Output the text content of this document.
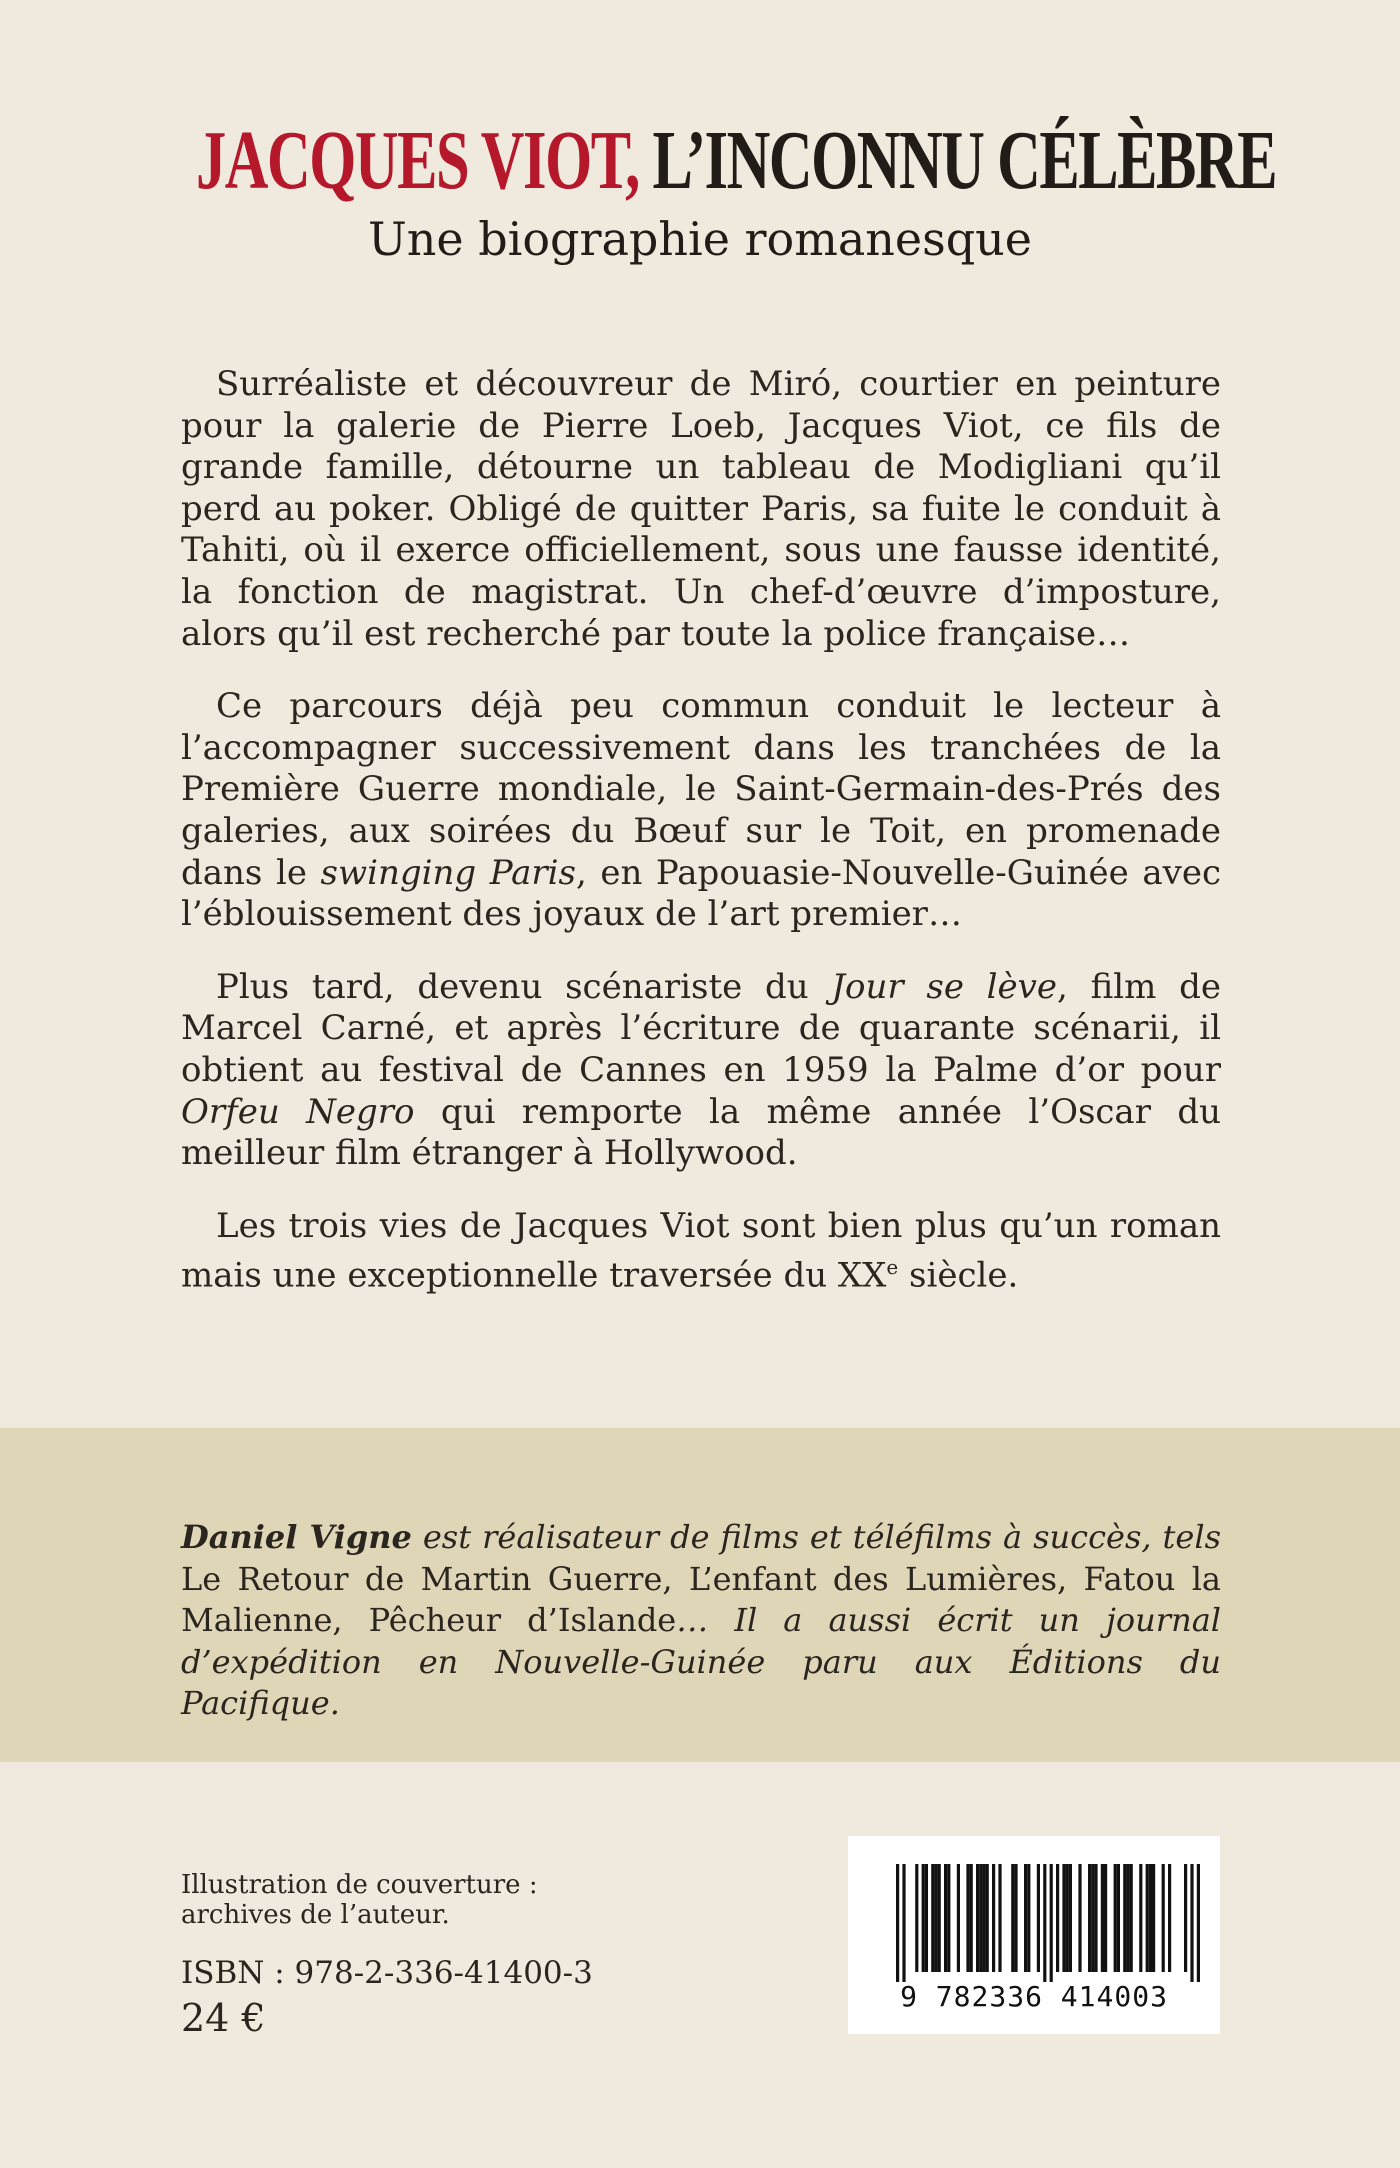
JACQUES VIOT, L’INCONNU CÉLÈBRE
Une biographie romanesque

Surréaliste et découvreur de Miró, courtier en peinture pour la galerie de Pierre Loeb, Jacques Viot, ce fils de grande famille, détourne un tableau de Modigliani qu’il perd au poker. Obligé de quitter Paris, sa fuite le conduit à Tahiti, où il exerce officiellement, sous une fausse identité, la fonction de magistrat. Un chef-d’œuvre d’imposture, alors qu’il est recherché par toute la police française…

Ce parcours déjà peu commun conduit le lecteur à l’accompagner successivement dans les tranchées de la Première Guerre mondiale, le Saint-Germain-des-Prés des galeries, aux soirées du Bœuf sur le Toit, en promenade dans le swinging Paris, en Papouasie-Nouvelle-Guinée avec l’éblouissement des joyaux de l’art premier…

Plus tard, devenu scénariste du Jour se lève, film de Marcel Carné, et après l’écriture de quarante scénarii, il obtient au festival de Cannes en 1959 la Palme d’or pour Orfeu Negro qui remporte la même année l’Oscar du meilleur film étranger à Hollywood.

Les trois vies de Jacques Viot sont bien plus qu’un roman mais une exceptionnelle traversée du XXe siècle.

Daniel Vigne est réalisateur de films et téléfilms à succès, tels Le Retour de Martin Guerre, L’enfant des Lumières, Fatou la Malienne, Pêcheur d’Islande… Il a aussi écrit un journal d’expédition en Nouvelle-Guinée paru aux Éditions du Pacifique.

Illustration de couverture :
archives de l’auteur.
ISBN : 978-2-336-41400-3
24 €	9 782336 414003
